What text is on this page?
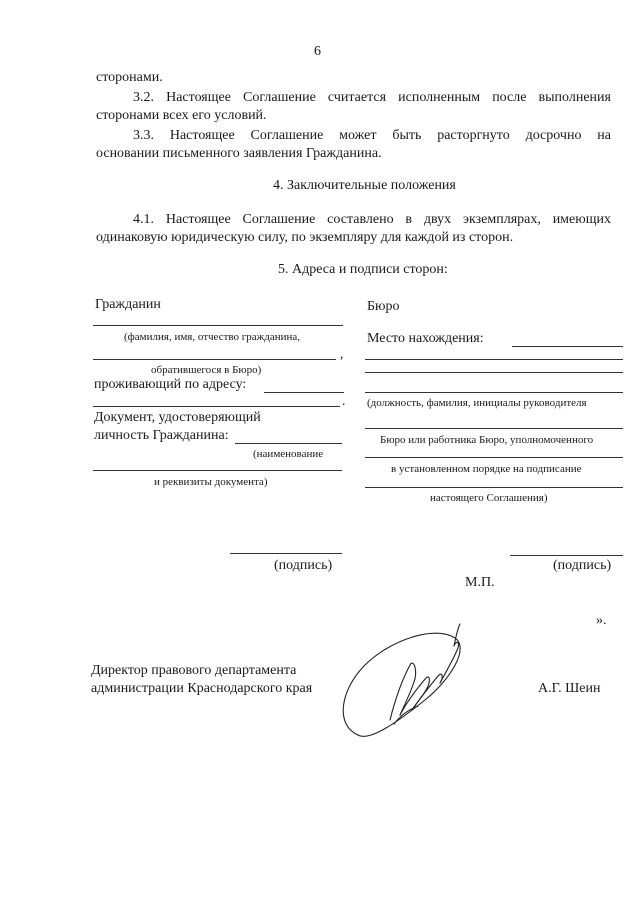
6
сторонами.
3.2. Настоящее Соглашение считается исполненным после выполнения
сторонами всех его условий.
3.3. Настоящее Соглашение может быть расторгнуто досрочно на
основании письменного заявления Гражданина.
4. Заключительные положения
4.1. Настоящее Соглашение составлено в двух экземплярах, имеющих
одинаковую юридическую силу, по экземпляру для каждой из сторон.
5. Адреса и подписи сторон:
Гражданин
(фамилия, имя, отчество гражданина,
,
обратившегося в Бюро)
проживающий по адресу:
.
Документ, удостоверяющий
личность Гражданина:
(наименование
и реквизиты документа)
(подпись)
Бюро
Место нахождения:
(должность, фамилия, инициалы руководителя
Бюро или работника Бюро, уполномоченного
в установленном порядке на подписание
настоящего Соглашения)
(подпись)
М.П.
».
Директор правового департамента
администрации Краснодарского края	А.Г. Шеин
